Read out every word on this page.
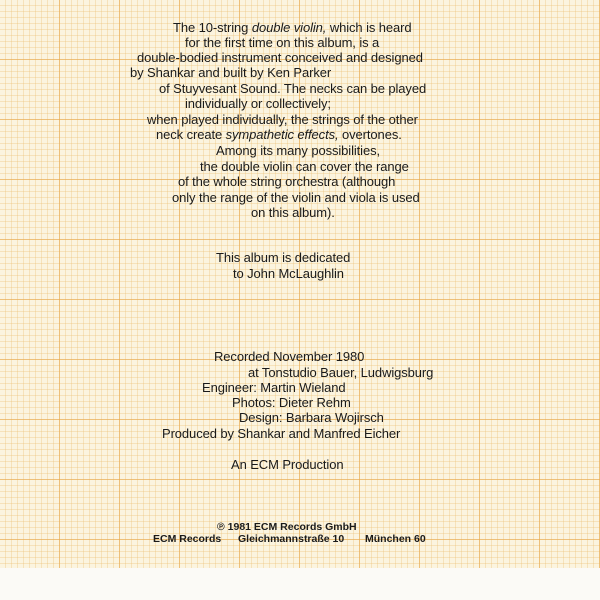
The 10-string double violin, which is heard
for the first time on this album, is a
double-bodied instrument conceived and designed
by Shankar and built by Ken Parker
of Stuyvesant Sound. The necks can be played
individually or collectively;
when played individually, the strings of the other
neck create sympathetic effects, overtones.
Among its many possibilities,
the double violin can cover the range
of the whole string orchestra (although
only the range of the violin and viola is used
on this album).
This album is dedicated
to John McLaughlin
Recorded November 1980
at Tonstudio Bauer, Ludwigsburg
Engineer: Martin Wieland
Photos: Dieter Rehm
Design: Barbara Wojirsch
Produced by Shankar and Manfred Eicher
An ECM Production
℗ 1981 ECM Records GmbH
ECM Records Gleichmannstraße 10 München 60
